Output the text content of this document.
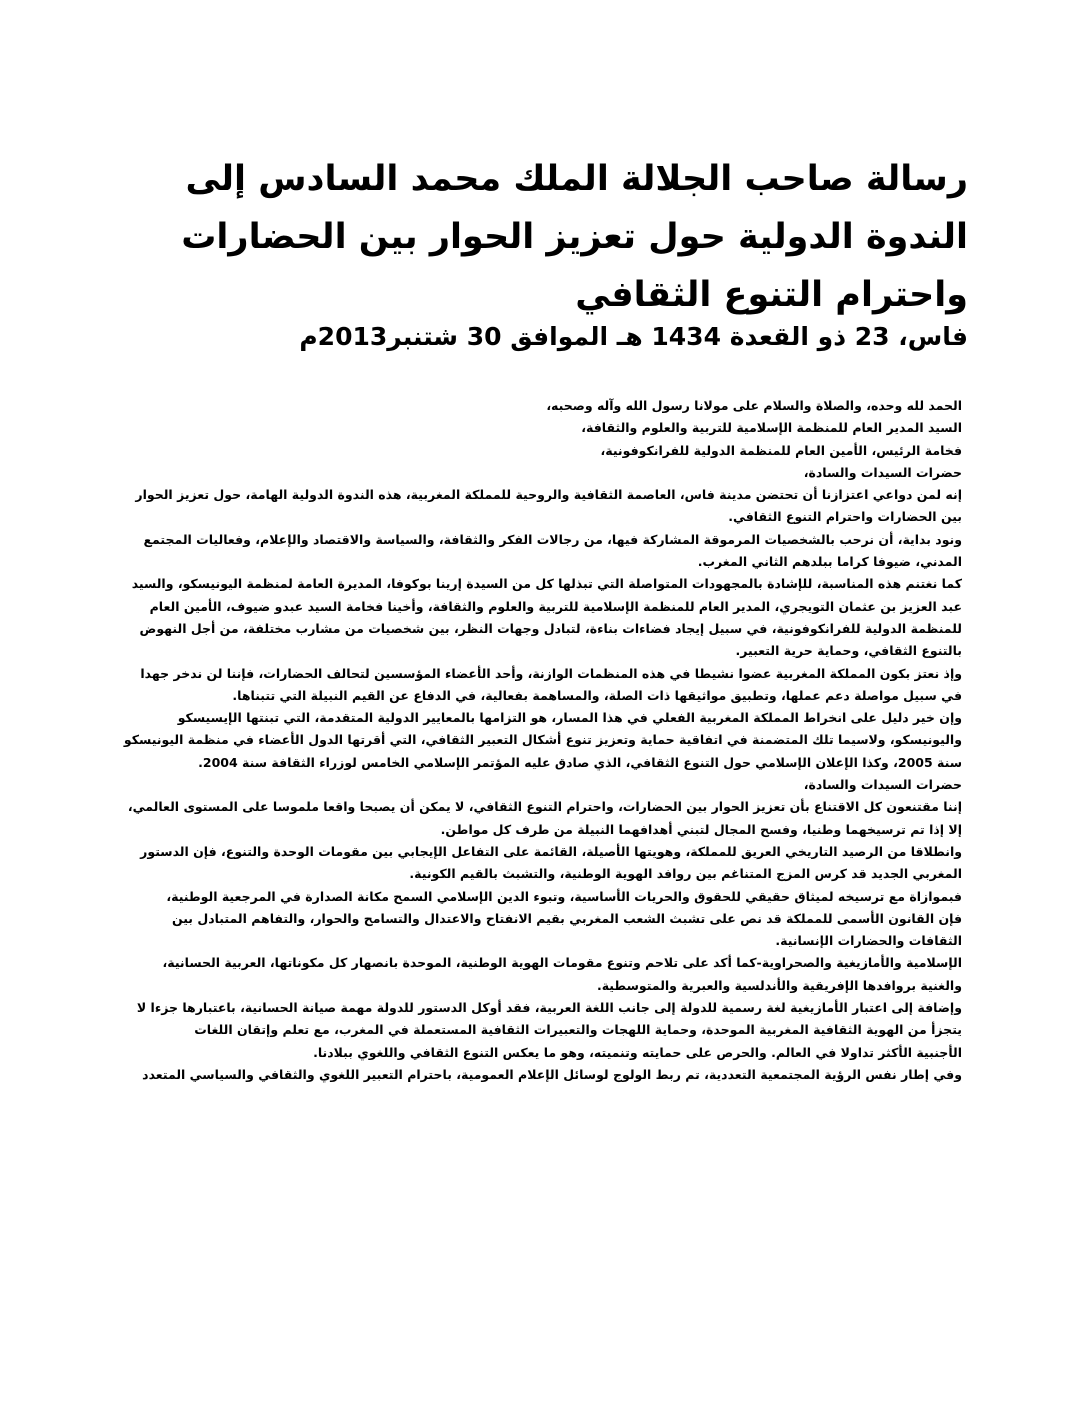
رسالة صاحب الجلالة الملك محمد السادس إلى الندوة الدولية حول تعزيز الحوار بين الحضارات واحترام التنوع الثقافي
فاس، 23 ذو القعدة 1434 هـ الموافق 30 شتنبر2013م

الحمد لله وحده، والصلاة والسلام على مولانا رسول الله وآله وصحبه،

السيد المدير العام للمنظمة الإسلامية للتربية والعلوم والثقافة،

فخامة الرئيس، الأمين العام للمنظمة الدولية للفرانكوفونية،

حضرات السيدات والسادة،

إنه لمن دواعي اعتزازنا أن تحتضن مدينة فاس، العاصمة الثقافية والروحية للمملكة المغربية، هذه الندوة الدولية الهامة، حول تعزيز الحوار بين الحضارات واحترام التنوع الثقافي.

ونود بداية، أن نرحب بالشخصيات المرموقة المشاركة فيها، من رجالات الفكر والثقافة، والسياسة والاقتصاد والإعلام، وفعاليات المجتمع المدني، ضيوفا كراما ببلدهم الثاني المغرب.

كما نغتنم هذه المناسبة، للإشادة بالمجهودات المتواصلة التي تبذلها كل من السيدة إرينا بوكوفا، المديرة العامة لمنظمة اليونيسكو، والسيد

عبد العزيز بن عثمان التويجري، المدير العام للمنظمة الإسلامية للتربية والعلوم والثقافة، وأخينا فخامة السيد عبدو ضيوف، الأمين العام للمنظمة الدولية للفرانكوفونية، في سبيل إيجاد فضاءات بناءة، لتبادل وجهات النظر، بين شخصيات من مشارب مختلفة، من أجل النهوض بالتنوع الثقافي، وحماية حرية التعبير.

وإذ نعتز بكون المملكة المغربية عضوا نشيطا في هذه المنظمات الوازنة، وأحد الأعضاء المؤسسين لتحالف الحضارات، فإننا لن ندخر جهدا في سبيل مواصلة دعم عملها، وتطبيق مواثيقها ذات الصلة، والمساهمة بفعالية، في الدفاع عن القيم النبيلة التي تتبناها.

وإن خير دليل على انخراط المملكة المغربية الفعلي في هذا المسار، هو التزامها بالمعايير الدولية المتقدمة، التي تبنتها الإيسيسكو واليونيسكو، ولاسيما تلك المتضمنة في اتفاقية حماية وتعزيز تنوع أشكال التعبير الثقافي، التي أقرتها الدول الأعضاء في منظمة اليونيسكو سنة 2005، وكذا الإعلان الإسلامي حول التنوع الثقافي، الذي صادق عليه المؤتمر الإسلامي الخامس لوزراء الثقافة سنة 2004.

حضرات السيدات والسادة،

إننا مقتنعون كل الاقتناع بأن تعزيز الحوار بين الحضارات، واحترام التنوع الثقافي، لا يمكن أن يصبحا واقعا ملموسا على المستوى العالمي، إلا إذا تم ترسيخهما وطنيا، وفسح المجال لتبني أهدافهما النبيلة من طرف كل مواطن.

وانطلاقا من الرصيد التاريخي العريق للمملكة، وهويتها الأصيلة، القائمة على التفاعل الإيجابي بين مقومات الوحدة والتنوع، فإن الدستور المغربي الجديد قد كرس المزج المتناغم بين روافد الهوية الوطنية، والتشبث بالقيم الكونية.

فبموازاة مع ترسيخه لميثاق حقيقي للحقوق والحريات الأساسية، وتبوء الدين الإسلامي السمح مكانة الصدارة في المرجعية الوطنية،

فإن القانون الأسمى للمملكة قد نص على تشبث الشعب المغربي بقيم الانفتاح والاعتدال والتسامح والحوار، والتفاهم المتبادل بين الثقافات والحضارات الإنسانية.

الإسلامية والأمازيغية والصحراوية-كما أكد على تلاحم وتنوع مقومات الهوية الوطنية، الموحدة بانصهار كل مكوناتها، العربية الحسانية، والغنية بروافدها الإفريقية والأندلسية والعبرية والمتوسطية.

وإضافة إلى اعتبار الأمازيغية لغة رسمية للدولة إلى جانب اللغة العربية، فقد أوكل الدستور للدولة مهمة صيانة الحسانية، باعتبارها جزءا لا يتجزأ من الهوية الثقافية المغربية الموحدة، وحماية اللهجات والتعبيرات الثقافية المستعملة في المغرب، مع تعلم وإتقان اللغات

الأجنبية الأكثر تداولا في العالم. والحرص على حمايته وتنميته، وهو ما يعكس التنوع الثقافي واللغوي ببلادنا.

وفي إطار نفس الرؤية المجتمعية التعددية، تم ربط الولوج لوسائل الإعلام العمومية، باحترام التعبير اللغوي والثقافي والسياسي المتعدد
